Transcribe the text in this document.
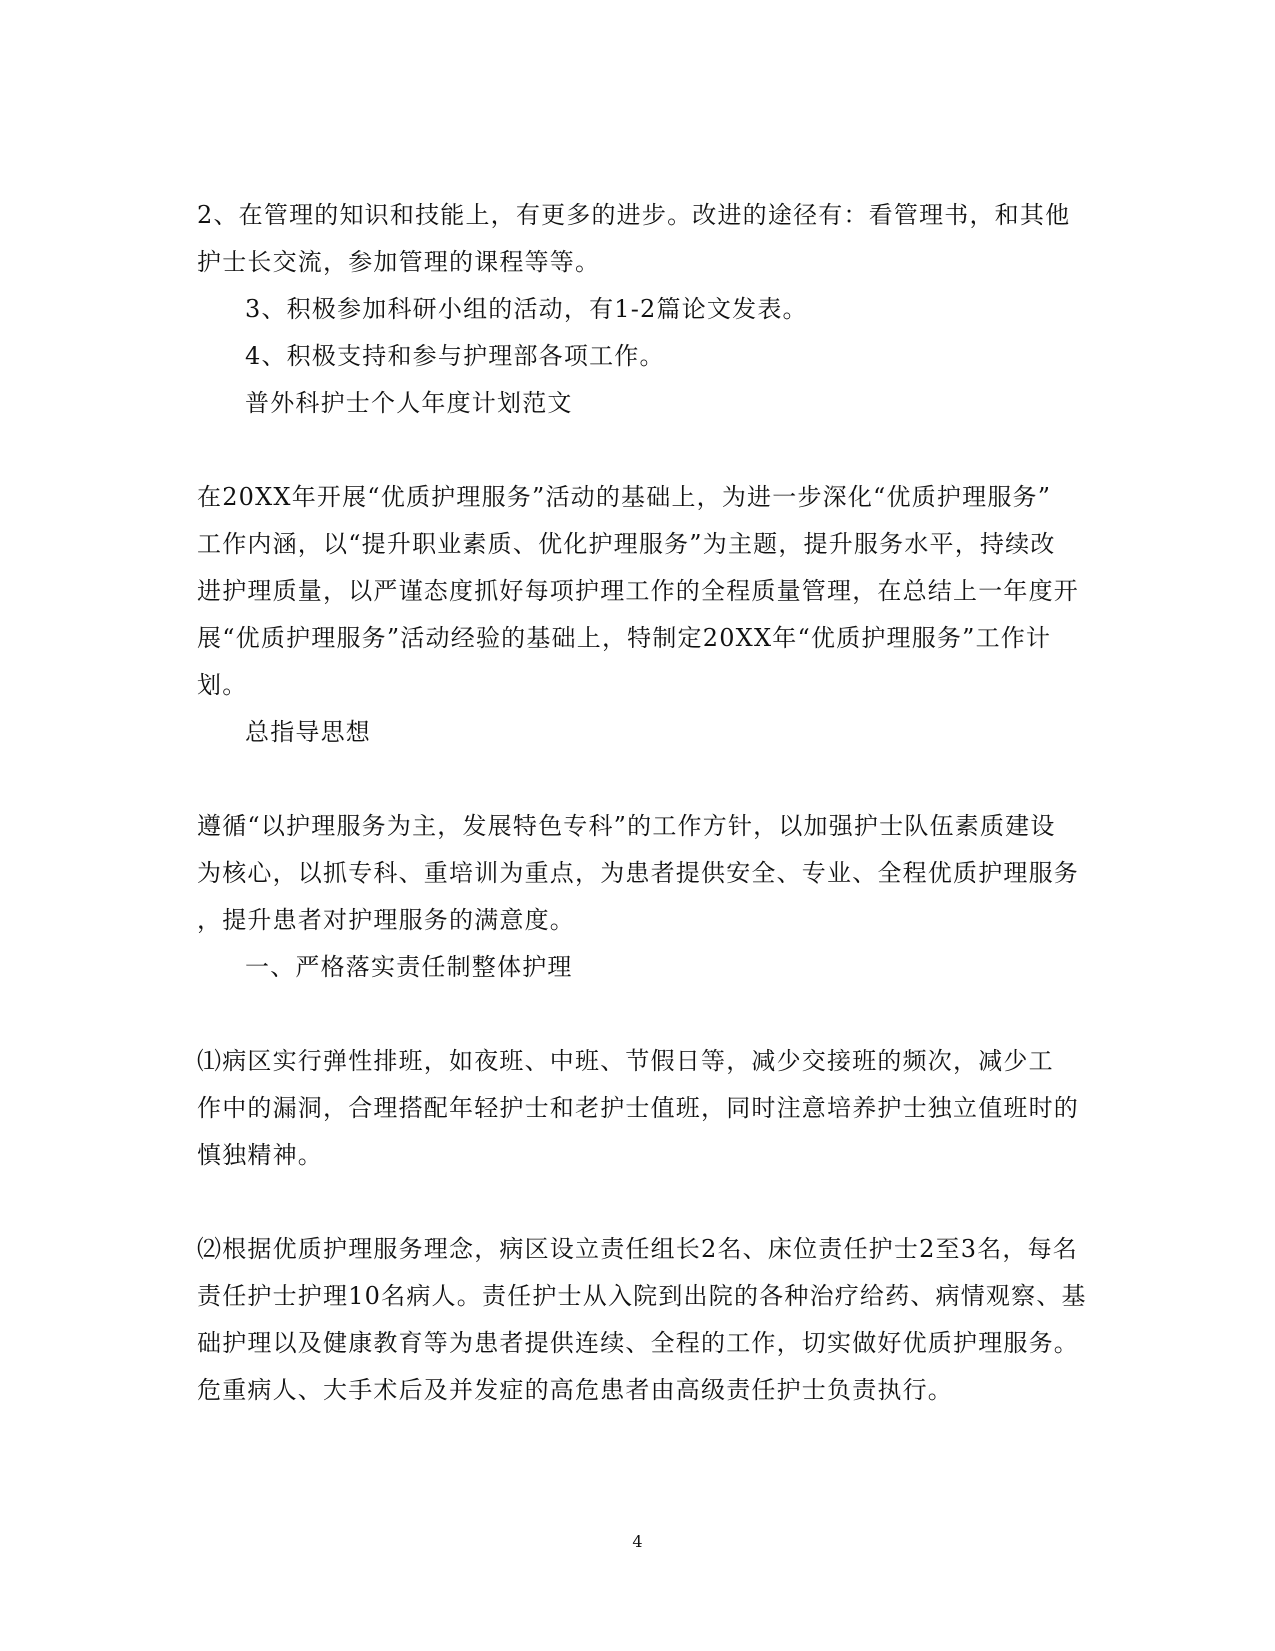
2、在管理的知识和技能上，有更多的进步。改进的途径有：看管理书，和其他
护士长交流，参加管理的课程等等。
3、积极参加科研小组的活动，有1-2篇论文发表。
4、积极支持和参与护理部各项工作。
普外科护士个人年度计划范文
在20XX年开展“优质护理服务”活动的基础上，为进一步深化“优质护理服务”
工作内涵，以“提升职业素质、优化护理服务”为主题，提升服务水平，持续改
进护理质量，以严谨态度抓好每项护理工作的全程质量管理，在总结上一年度开
展“优质护理服务”活动经验的基础上，特制定20XX年“优质护理服务”工作计
划。
总指导思想
遵循“以护理服务为主，发展特色专科”的工作方针，以加强护士队伍素质建设
为核心，以抓专科、重培训为重点，为患者提供安全、专业、全程优质护理服务
，提升患者对护理服务的满意度。
一、严格落实责任制整体护理
⑴病区实行弹性排班，如夜班、中班、节假日等，减少交接班的频次，减少工
作中的漏洞，合理搭配年轻护士和老护士值班，同时注意培养护士独立值班时的
慎独精神。
⑵根据优质护理服务理念，病区设立责任组长2名、床位责任护士2至3名，每名
责任护士护理10名病人。责任护士从入院到出院的各种治疗给药、病情观察、基
础护理以及健康教育等为患者提供连续、全程的工作，切实做好优质护理服务。
危重病人、大手术后及并发症的高危患者由高级责任护士负责执行。
4
